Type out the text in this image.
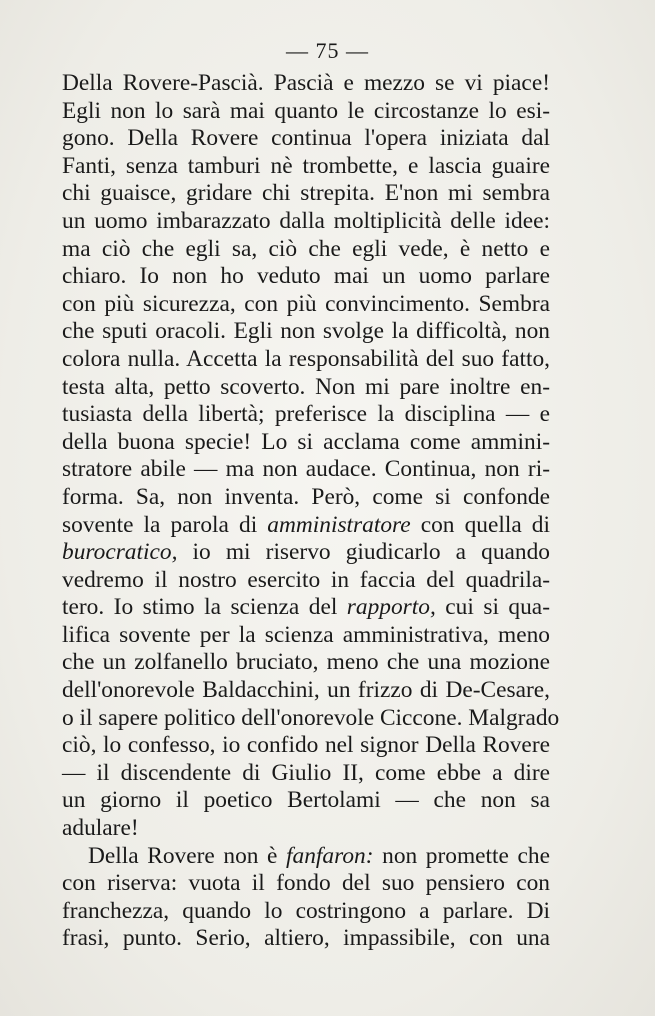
— 75 —
Della Rovere-Pascià. Pascià e mezzo se vi piace!
Egli non lo sarà mai quanto le circostanze lo esi-
gono. Della Rovere continua l'opera iniziata dal
Fanti, senza tamburi nè trombette, e lascia guaire
chi guaisce, gridare chi strepita. E'non mi sembra
un uomo imbarazzato dalla moltiplicità delle idee:
ma ciò che egli sa, ciò che egli vede, è netto e
chiaro. Io non ho veduto mai un uomo parlare
con più sicurezza, con più convincimento. Sembra
che sputi oracoli. Egli non svolge la difficoltà, non
colora nulla. Accetta la responsabilità del suo fatto,
testa alta, petto scoverto. Non mi pare inoltre en-
tusiasta della libertà; preferisce la disciplina — e
della buona specie! Lo si acclama come ammini-
stratore abile — ma non audace. Continua, non ri-
forma. Sa, non inventa. Però, come si confonde
sovente la parola di amministratore con quella di
burocratico, io mi riservo giudicarlo a quando
vedremo il nostro esercito in faccia del quadrila-
tero. Io stimo la scienza del rapporto, cui si qua-
lifica sovente per la scienza amministrativa, meno
che un zolfanello bruciato, meno che una mozione
dell'onorevole Baldacchini, un frizzo di De-Cesare,
o il sapere politico dell'onorevole Ciccone. Malgrado
ciò, lo confesso, io confido nel signor Della Rovere
— il discendente di Giulio II, come ebbe a dire
un giorno il poetico Bertolami — che non sa
adulare!
Della Rovere non è fanfaron: non promette che
con riserva: vuota il fondo del suo pensiero con
franchezza, quando lo costringono a parlare. Di
frasi, punto. Serio, altiero, impassibile, con una
